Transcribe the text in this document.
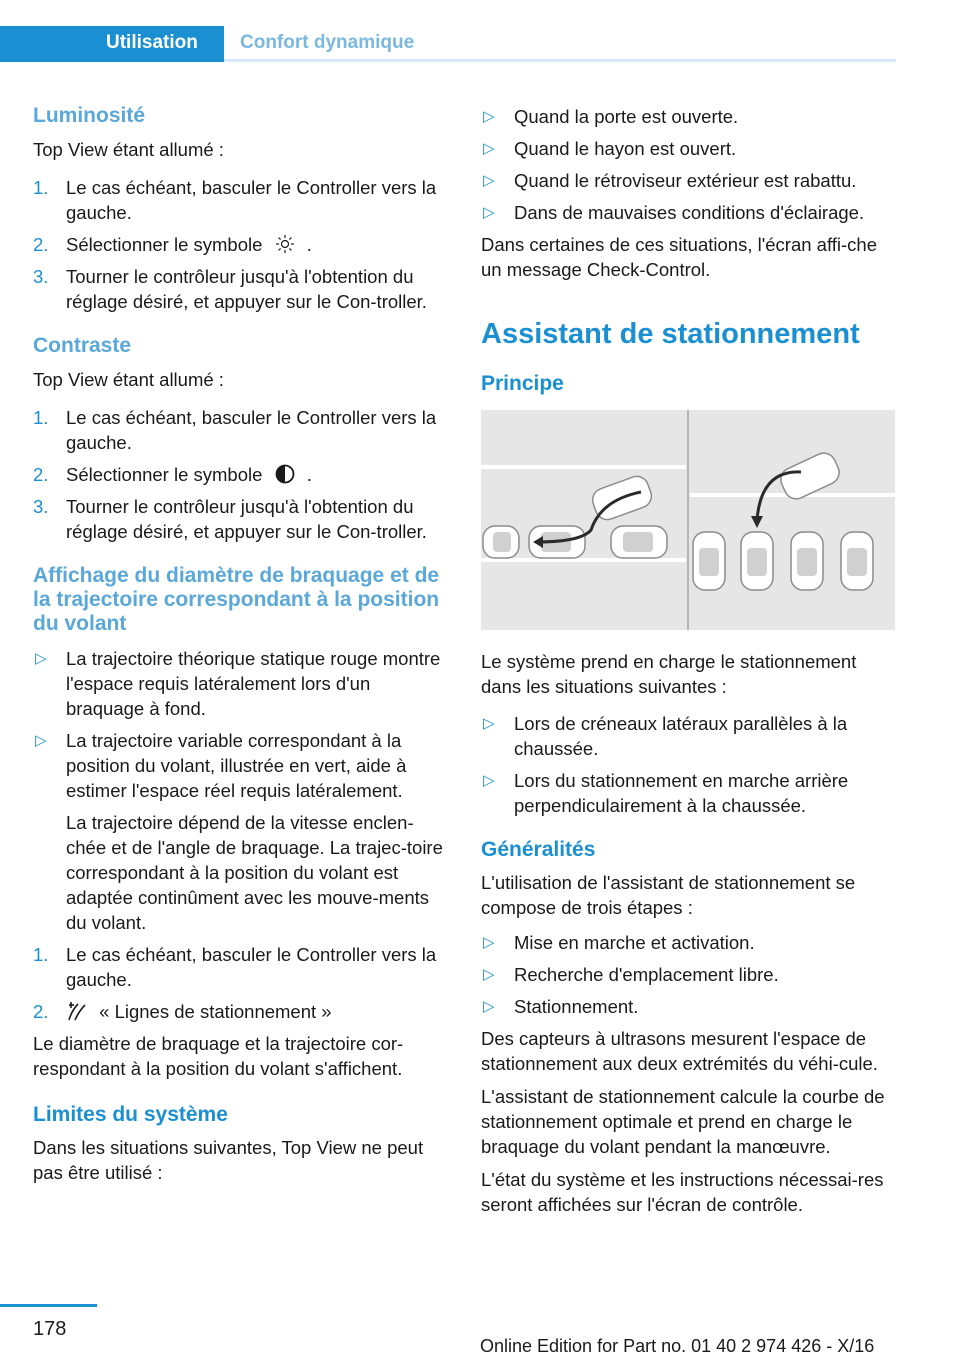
Utilisation	Confort dynamique
Luminosité

Top View étant allumé :

1. Le cas échéant, basculer le Controller vers la gauche.
2. Sélectionner le symbole .
3. Tourner le contrôleur jusqu'à l'obtention du réglage désiré, et appuyer sur le Con-troller.
Contraste

Top View étant allumé :

1. Le cas échéant, basculer le Controller vers la gauche.
2. Sélectionner le symbole .
3. Tourner le contrôleur jusqu'à l'obtention du réglage désiré, et appuyer sur le Con-troller.
Affichage du diamètre de braquage et de la trajectoire correspondant à la position du volant
▷ La trajectoire théorique statique rouge montre l'espace requis latéralement lors d'un braquage à fond.
▷ La trajectoire variable correspondant à la position du volant, illustrée en vert, aide à estimer l'espace réel requis latéralement.
La trajectoire dépend de la vitesse enclen-chée et de l'angle de braquage. La trajec-toire correspondant à la position du volant est adaptée continûment avec les mouve-ments du volant.
1. Le cas échéant, basculer le Controller vers la gauche.
2.	« Lignes de stationnement »

Le diamètre de braquage et la trajectoire cor-respondant à la position du volant s'affichent.

Limites du système

Dans les situations suivantes, Top View ne peut pas être utilisé :

▷ Quand la porte est ouverte.
▷ Quand le hayon est ouvert.
▷ Quand le rétroviseur extérieur est rabattu.
▷ Dans de mauvaises conditions d'éclairage.

Dans certaines de ces situations, l'écran affi-che un message Check-Control.

Assistant de stationnement
Principe

Le système prend en charge le stationnement dans les situations suivantes :

▷ Lors de créneaux latéraux parallèles à la chaussée.
▷ Lors du stationnement en marche arrière perpendiculairement à la chaussée.
Généralités

L'utilisation de l'assistant de stationnement se compose de trois étapes :

▷ Mise en marche et activation.
▷ Recherche d'emplacement libre.
▷ Stationnement.

Des capteurs à ultrasons mesurent l'espace de stationnement aux deux extrémités du véhi-cule.

L'assistant de stationnement calcule la courbe de stationnement optimale et prend en charge le braquage du volant pendant la manœuvre.

L'état du système et les instructions nécessai-res seront affichées sur l'écran de contrôle.

178
Online Edition for Part no. 01 40 2 974 426 - X/16
